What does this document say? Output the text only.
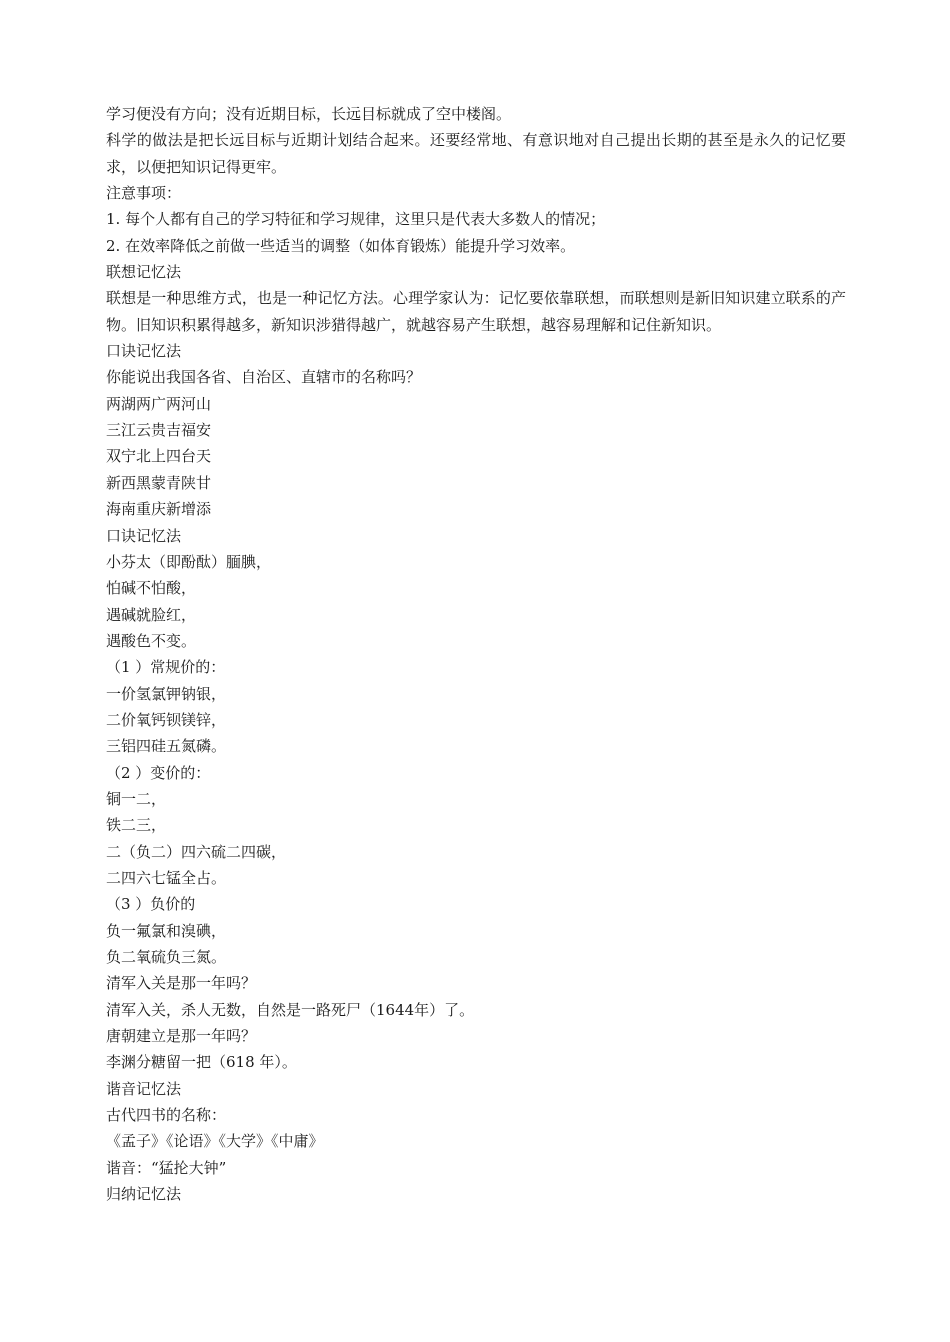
学习便没有方向；没有近期目标，长远目标就成了空中楼阁。
科学的做法是把长远目标与近期计划结合起来。还要经常地、有意识地对自己提出长期的甚至是永久的记忆要求，以便把知识记得更牢。
注意事项：
1. 每个人都有自己的学习特征和学习规律，这里只是代表大多数人的情况；
2. 在效率降低之前做一些适当的调整（如体育锻炼）能提升学习效率。
联想记忆法
联想是一种思维方式，也是一种记忆方法。心理学家认为：记忆要依靠联想，而联想则是新旧知识建立联系的产物。旧知识积累得越多，新知识涉猎得越广，就越容易产生联想，越容易理解和记住新知识。
口诀记忆法
你能说出我国各省、自治区、直辖市的名称吗？
两湖两广两河山
三江云贵吉福安
双宁北上四台天
新西黑蒙青陕甘
海南重庆新增添
口诀记忆法
小芬太（即酚酞）腼腆，
怕碱不怕酸，
遇碱就脸红，
遇酸色不变。
（1 ）常规价的：
一价氢氯钾钠银，
二价氧钙钡镁锌，
三铝四硅五氮磷。
（2 ）变价的：
铜一二，
铁二三，
二（负二）四六硫二四碳，
二四六七锰全占。
（3 ）负价的
负一氟氯和溴碘，
负二氧硫负三氮。
清军入关是那一年吗？
清军入关，杀人无数，自然是一路死尸（1644年）了。
唐朝建立是那一年吗？
李渊分糖留一把（618 年）。
谐音记忆法
古代四书的名称：
《孟子》《论语》《大学》《中庸》
谐音：“猛抡大钟”
归纳记忆法
